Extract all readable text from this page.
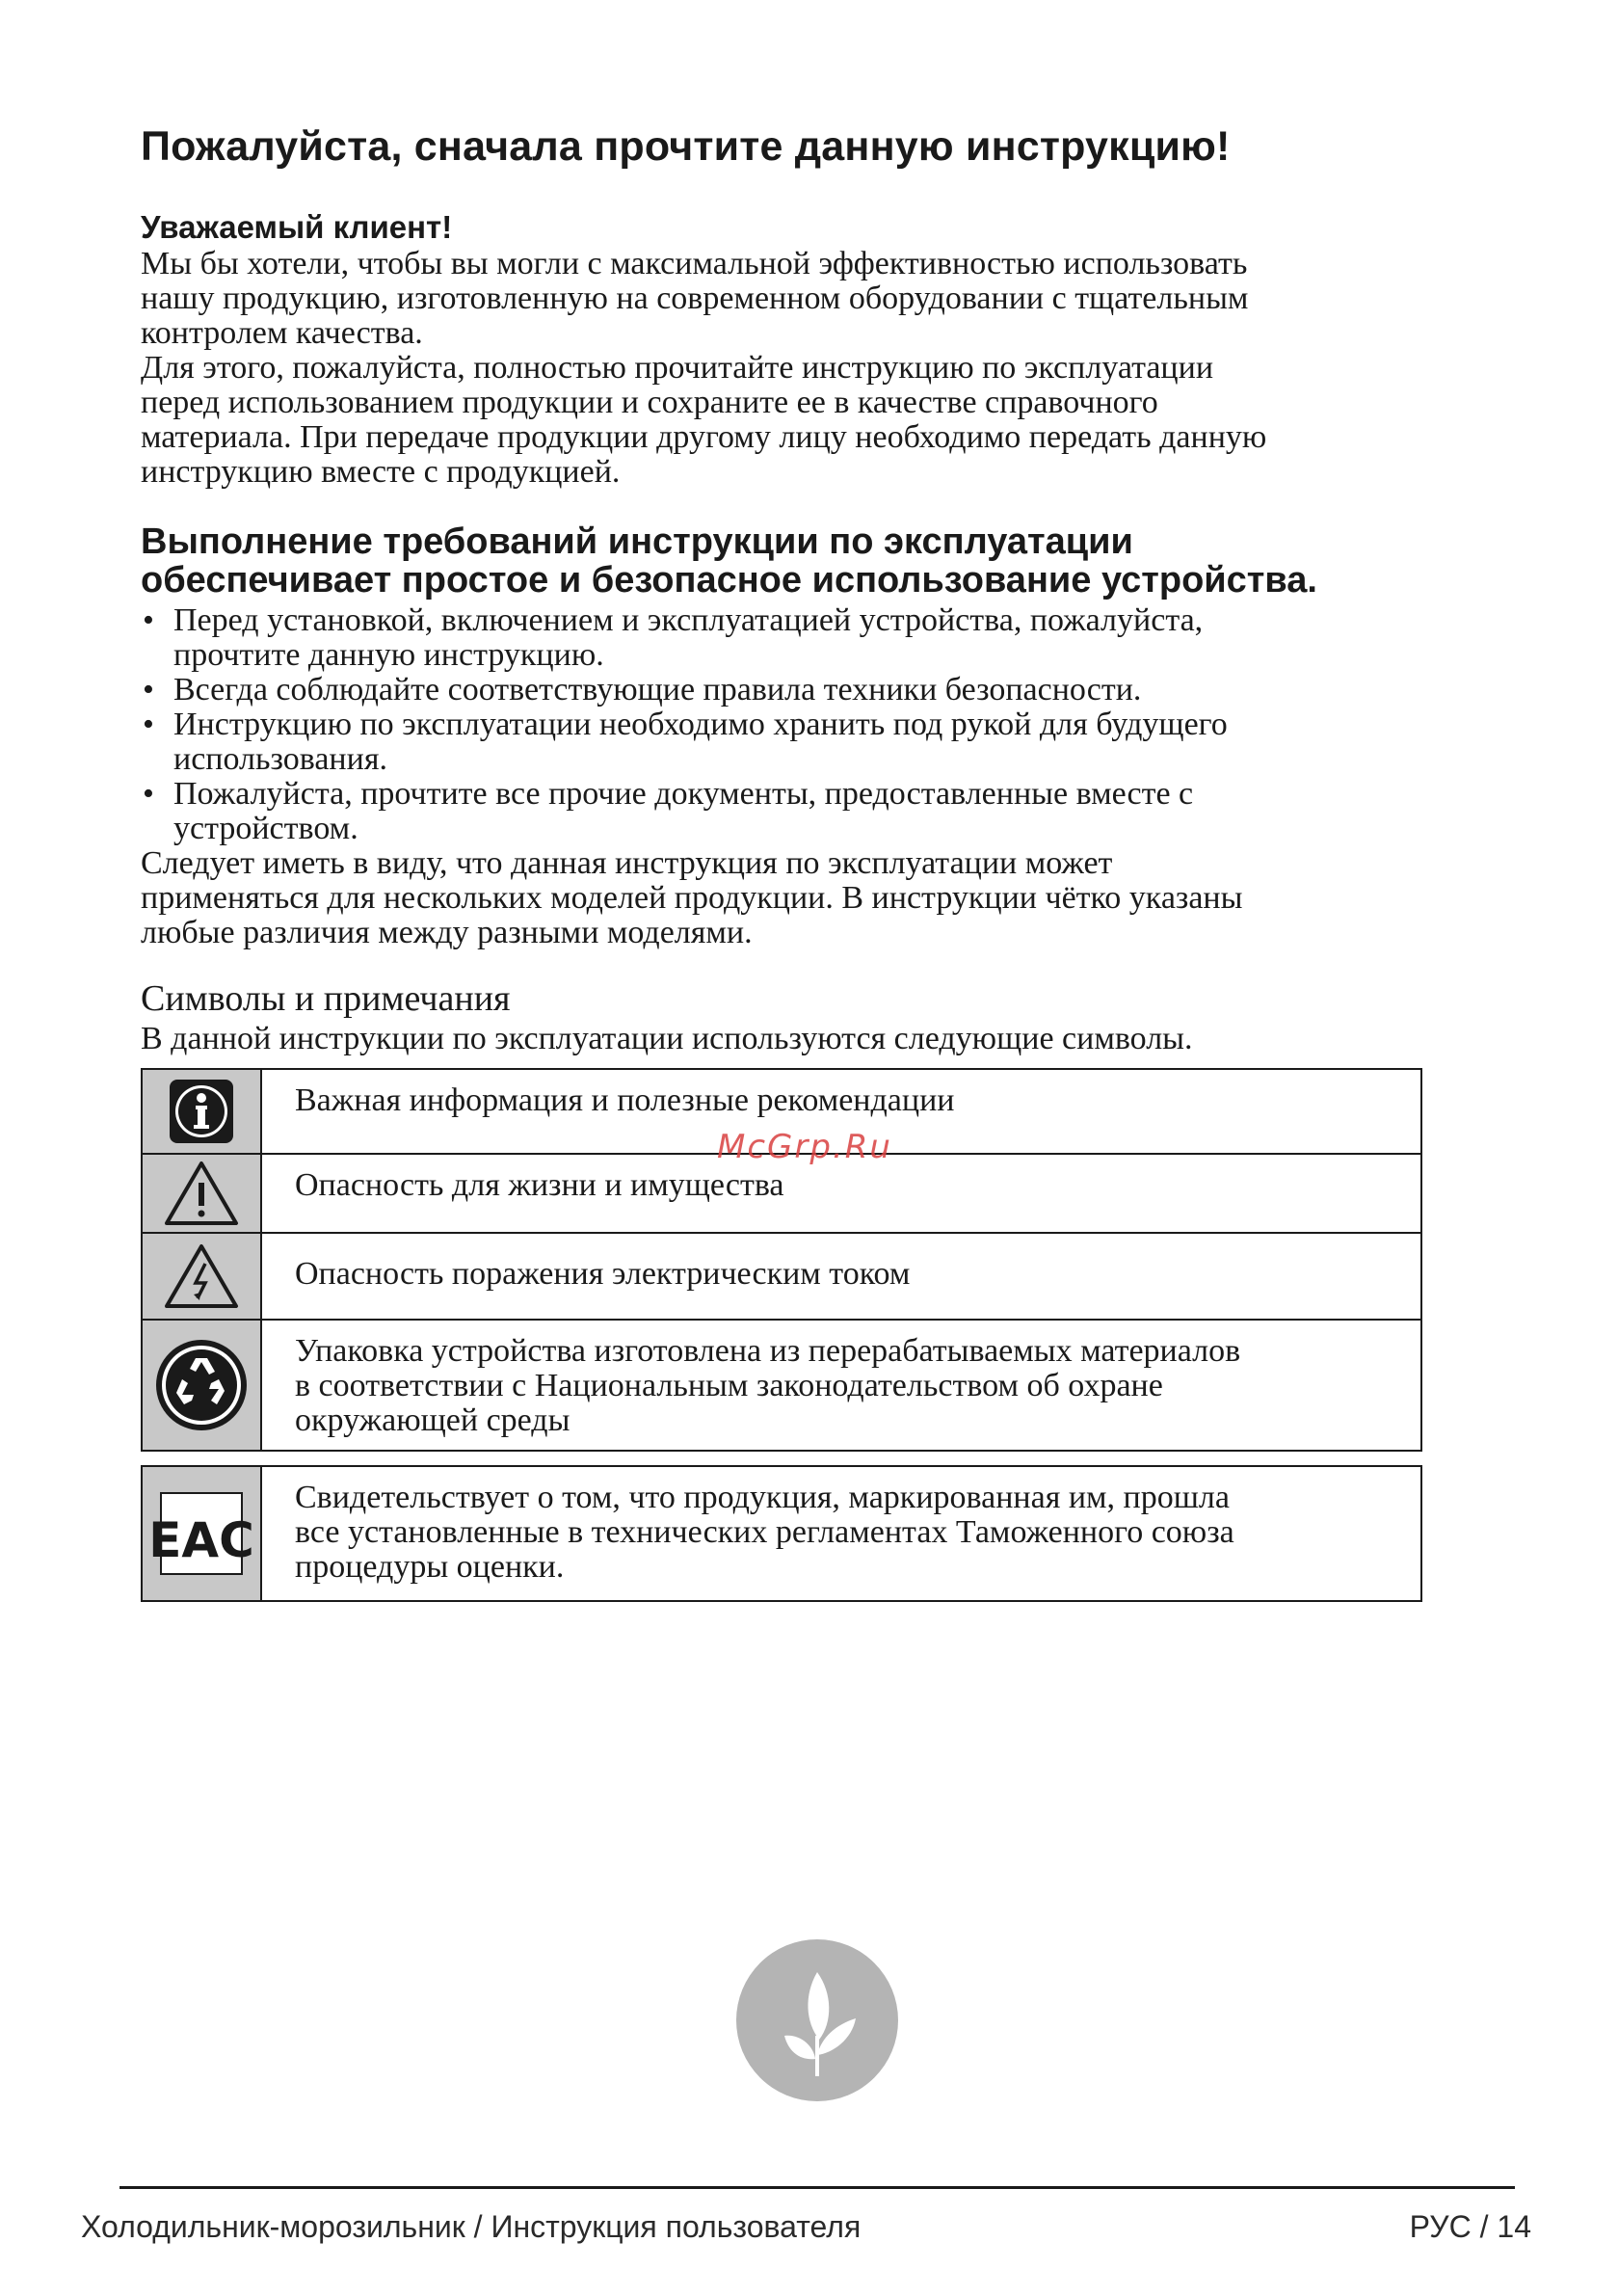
Пожалуйста, сначала прочтите данную инструкцию!

Уважаемый клиент!

Мы бы хотели, чтобы вы могли с максимальной эффективностью использовать

нашу продукцию, изготовленную на современном оборудовании с тщательным

контролем качества.

Для этого, пожалуйста, полностью прочитайте инструкцию по эксплуатации

перед использованием продукции и сохраните ее в качестве справочного

материала. При передаче продукции другому лицу необходимо передать данную

инструкцию вместе с продукцией.

Выполнение требований инструкции по эксплуатации

обеспечивает простое и безопасное использование устройства.

• Перед установкой, включением и эксплуатацией устройства, пожалуйста,
прочтите данную инструкцию.
• Всегда соблюдайте соответствующие правила техники безопасности.
• Инструкцию по эксплуатации необходимо хранить под рукой для будущего
использования.
• Пожалуйста, прочтите все прочие документы, предоставленные вместе с
устройством.

Следует иметь в виду, что данная инструкция по эксплуатации может

применяться для нескольких моделей продукции. В инструкции чётко указаны

любые различия между разными моделями.

Символы и примечания
В данной инструкции по эксплуатации используются следующие символы.
Важная информация и полезные рекомендации
Опасность для жизни и имущества
Опасность поражения электрическим током
Упаковка устройства изготовлена из перерабатываемых материалов
в соответствии с Национальным законодательством об охране
окружающей среды
EAC
Свидетельствует о том, что продукция, маркированная им, прошла
все установленные в технических регламентах Таможенного союза
процедуры оценки.
McGrp.Ru
Холодильник-морозильник / Инструкция пользователя	РУС / 14
